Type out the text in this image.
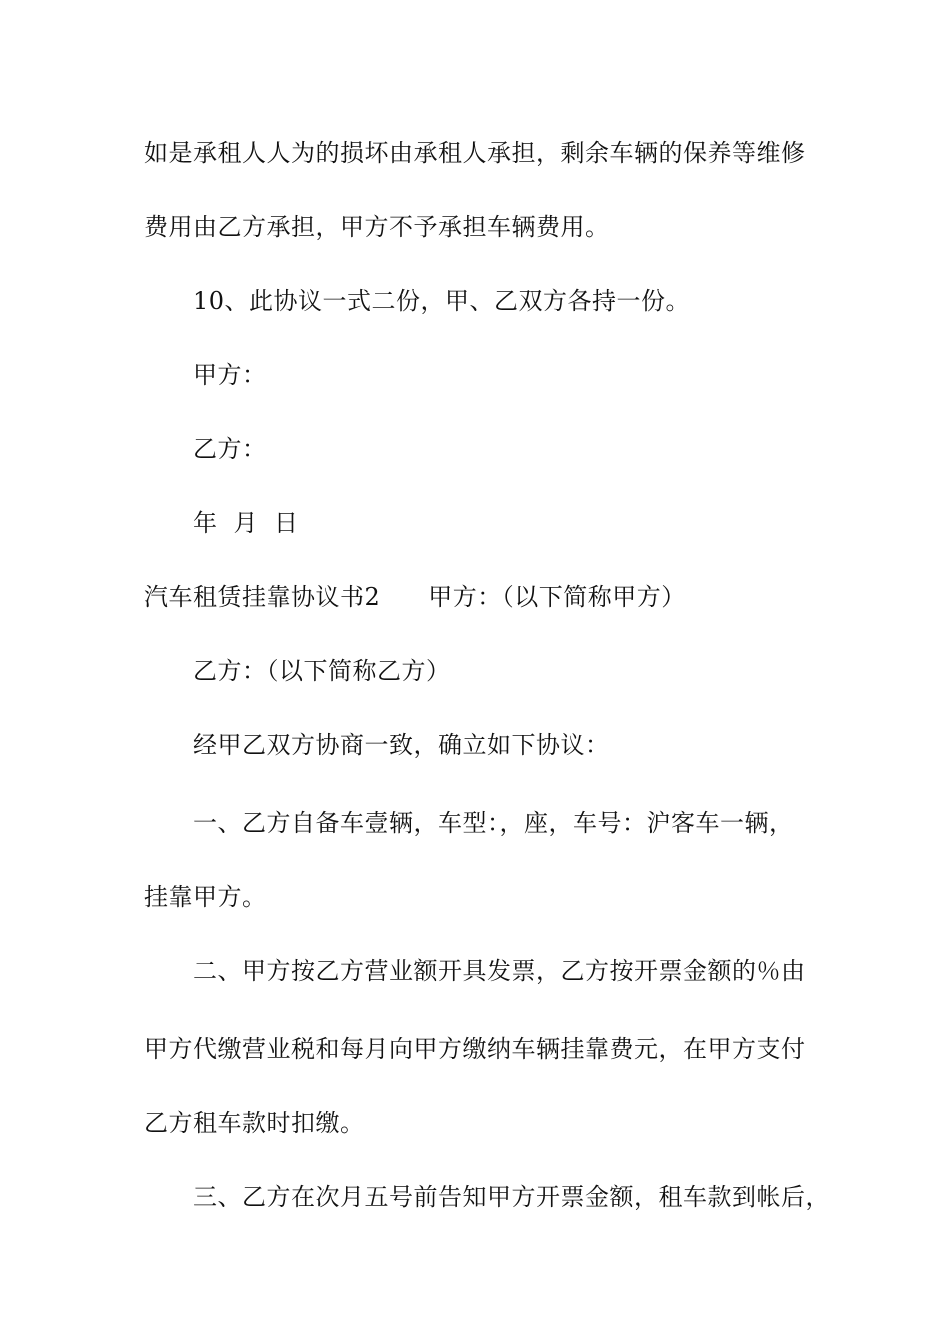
如是承租人人为的损坏由承租人承担，剩余车辆的保养等维修
费用由乙方承担，甲方不予承担车辆费用。
10、此协议一式二份，甲、乙双方各持一份。
甲方：
乙方：
年 月 日
汽车租赁挂靠协议书2 甲方：（以下简称甲方）
乙方：（以下简称乙方）
经甲乙双方协商一致，确立如下协议：
一、乙方自备车壹辆，车型：，座，车号：沪客车一辆，
挂靠甲方。
二、甲方按乙方营业额开具发票，乙方按开票金额的％由
甲方代缴营业税和每月向甲方缴纳车辆挂靠费元，在甲方支付
乙方租车款时扣缴。
三、乙方在次月五号前告知甲方开票金额，租车款到帐后，
